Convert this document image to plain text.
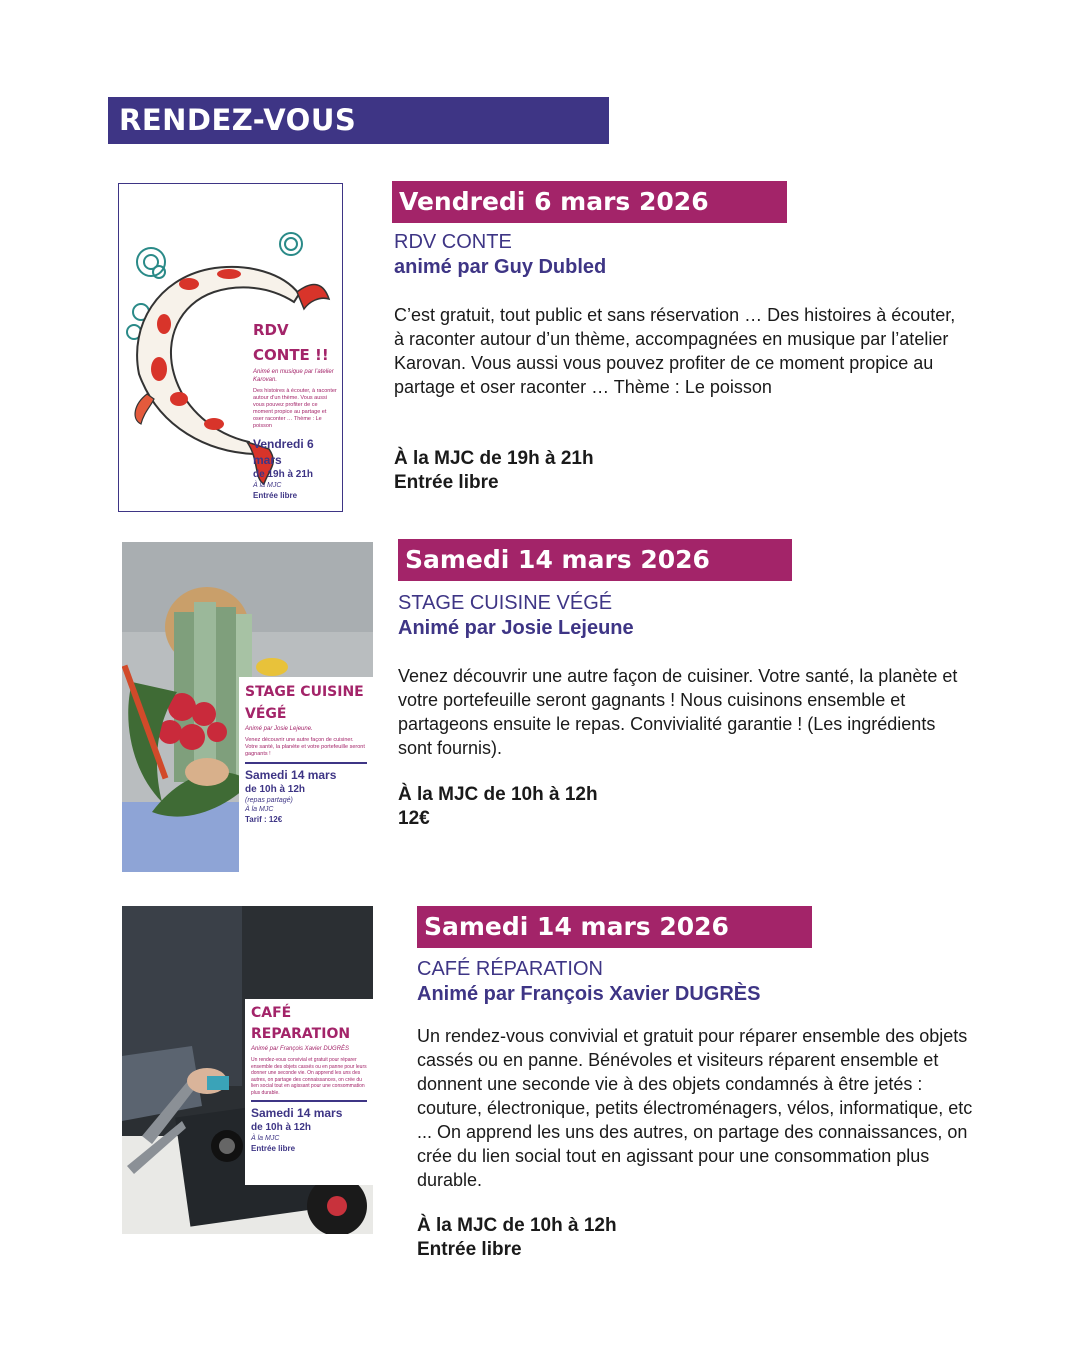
RENDEZ-VOUS
RDV CONTE !!
Animé en musique par l’atelier Karovan.
Des histoires à écouter, à raconter autour d’un thème. Vous aussi vous pouvez profiter de ce moment propice au partage et oser raconter … Thème : Le poisson
Vendredi 6 mars
de 19h à 21h
À la MJC
Entrée libre
Vendredi 6 mars 2026
RDV CONTE
animé par Guy Dubled
C’est gratuit, tout public et sans réservation … Des histoires à écouter, à raconter autour d’un thème, accompagnées en musique par l’atelier Karovan. Vous aussi vous pouvez profiter de ce moment propice au partage et oser raconter … Thème : Le poisson
À la MJC de 19h à 21h
Entrée libre
STAGE CUISINE VÉGÉ
Animé par Josie Lejeune.
Venez découvrir une autre façon de cuisiner. Votre santé, la planète et votre portefeuille seront gagnants !
Samedi 14 mars
de 10h à 12h
(repas partagé)
À la MJC
Tarif : 12€
Samedi 14 mars 2026
STAGE CUISINE VÉGÉ
Animé par Josie Lejeune
Venez découvrir une autre façon de cuisiner. Votre santé, la planète et votre portefeuille seront gagnants ! Nous cuisinons ensemble et partageons ensuite le repas. Convivialité garantie ! (Les ingrédients sont fournis).
À la MJC de 10h à 12h
12€
CAFÉ REPARATION
Animé par François Xavier DUGRÈS
Un rendez-vous convivial et gratuit pour réparer ensemble des objets cassés ou en panne pour leurs donner une seconde vie. On apprend les uns des autres, on partage des connaissances, on crée du lien social tout en agissant pour une consommation plus durable.
Samedi 14 mars
de 10h à 12h
À la MJC
Entrée libre
Samedi 14 mars 2026
CAFÉ RÉPARATION
Animé par François Xavier DUGRÈS
Un rendez-vous convivial et gratuit pour réparer ensemble des objets cassés ou en panne. Bénévoles et visiteurs réparent ensemble et donnent une seconde vie à des objets condamnés à être jetés : couture, électronique, petits électroménagers, vélos, informatique, etc ... On apprend les uns des autres, on partage des connaissances, on crée du lien social tout en agissant pour une consommation plus durable.
À la MJC de 10h à 12h
Entrée libre
